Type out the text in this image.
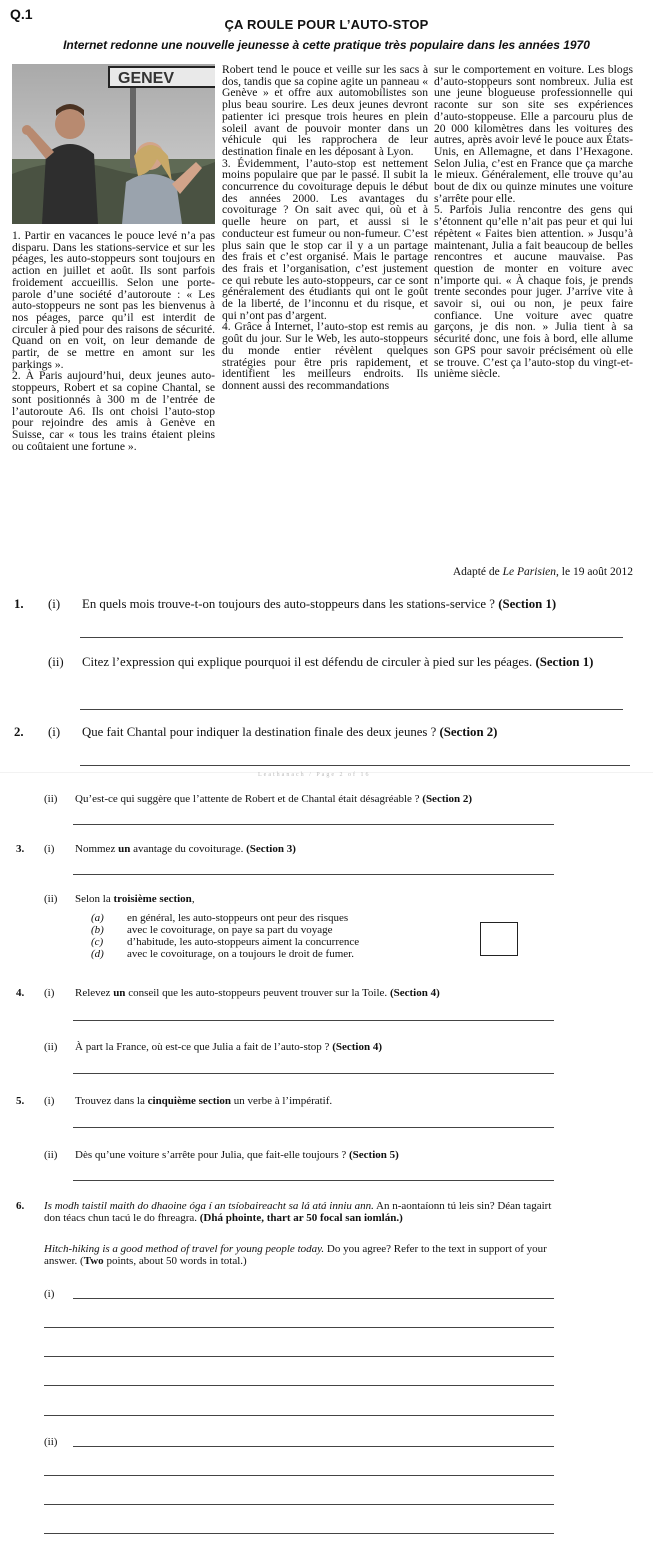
Q.1
ÇA ROULE POUR L’AUTO-STOP
Internet redonne une nouvelle jeunesse à cette pratique très populaire dans les années 1970
GENEV

1. Partir en vacances le pouce levé n’a pas disparu. Dans les stations-service et sur les péages, les auto-stoppeurs sont toujours en action en juillet et août. Ils sont parfois froidement accueillis. Selon une porte-parole d’une société d’autoroute : « Les auto-stoppeurs ne sont pas les bienvenus à nos péages, parce qu’il est interdit de circuler à pied pour des raisons de sécurité. Quand on en voit, on leur demande de partir, de se mettre en amont sur les parkings ».

2. À Paris aujourd’hui, deux jeunes auto-stoppeurs, Robert et sa copine Chantal, se sont positionnés à 300 m de l’entrée de l’autoroute A6. Ils ont choisi l’auto-stop pour rejoindre des amis à Genève en Suisse, car « tous les trains étaient pleins ou coûtaient une fortune ».

Robert tend le pouce et veille sur les sacs à dos, tandis que sa copine agite un panneau « Genève » et offre aux automobilistes son plus beau sourire. Les deux jeunes devront patienter ici presque trois heures en plein soleil avant de pouvoir monter dans un véhicule qui les rapprochera de leur destination finale en les déposant à Lyon.

3. Évidemment, l’auto-stop est nettement moins populaire que par le passé. Il subit la concurrence du covoiturage depuis le début des années 2000. Les avantages du covoiturage ? On sait avec qui, où et à quelle heure on part, et aussi si le conducteur est fumeur ou non-fumeur. C’est plus sain que le stop car il y a un partage des frais et c’est organisé. Mais le partage des frais et l’organisation, c’est justement ce qui rebute les auto-stoppeurs, car ce sont généralement des étudiants qui ont le goût de la liberté, de l’inconnu et du risque, et qui n’ont pas d’argent.

4. Grâce à Internet, l’auto-stop est remis au goût du jour. Sur le Web, les auto-stoppeurs du monde entier révèlent quelques stratégies pour être pris rapidement, et identifient les meilleurs endroits. Ils donnent aussi des recommandations

sur le comportement en voiture. Les blogs d’auto-stoppeurs sont nombreux. Julia est une jeune blogueuse professionnelle qui raconte sur son site ses expériences d’auto-stoppeuse. Elle a parcouru plus de 20 000 kilomètres dans les voitures des autres, après avoir levé le pouce aux États-Unis, en Allemagne, et dans l’Hexagone. Selon Julia, c’est en France que ça marche le mieux. Généralement, elle trouve qu’au bout de dix ou quinze minutes une voiture s’arrête pour elle.

5. Parfois Julia rencontre des gens qui s’étonnent qu’elle n’ait pas peur et qui lui répètent « Faites bien attention. » Jusqu’à maintenant, Julia a fait beaucoup de belles rencontres et aucune mauvaise. Pas question de monter en voiture avec n’importe qui. « À chaque fois, je prends trente secondes pour juger. J’arrive vite à savoir si, oui ou non, je peux faire confiance. Une voiture avec quatre garçons, je dis non. » Julia tient à sa sécurité donc, une fois à bord, elle allume son GPS pour savoir précisément où elle se trouve. C’est ça l’auto-stop du vingt-et-unième siècle.

Adapté de Le Parisien, le 19 août 2012
1. (i) En quels mois trouve-t-on toujours des auto-stoppeurs dans les stations-service ? (Section 1)
(ii) Citez l’expression qui explique pourquoi il est défendu de circuler à pied sur les péages. (Section 1)
2. (i) Que fait Chantal pour indiquer la destination finale des deux jeunes ? (Section 2)
Leathanach / Page 2 of 16
(ii) Qu’est-ce qui suggère que l’attente de Robert et de Chantal était désagréable ? (Section 2)
3. (i) Nommez un avantage du covoiturage. (Section 3)
(ii) Selon la troisième section,
(a) en général, les auto-stoppeurs ont peur des risques
(b) avec le covoiturage, on paye sa part du voyage
(c) d’habitude, les auto-stoppeurs aiment la concurrence
(d) avec le covoiturage, on a toujours le droit de fumer.
4. (i) Relevez un conseil que les auto-stoppeurs peuvent trouver sur la Toile. (Section 4)
(ii) À part la France, où est-ce que Julia a fait de l’auto-stop ? (Section 4)
5. (i) Trouvez dans la cinquième section un verbe à l’impératif.
(ii) Dès qu’une voiture s’arrête pour Julia, que fait-elle toujours ? (Section 5)
6. Is modh taistil maith do dhaoine óga í an tsíobaireacht sa lá atá inniu ann. An n-aontaíonn tú leis sin? Déan tagairt don téacs chun tacú le do fhreagra. (Dhá phointe, thart ar 50 focal san iomlán.)
Hitch-hiking is a good method of travel for young people today. Do you agree? Refer to the text in support of your answer. (Two points, about 50 words in total.)
(i)
(ii)
